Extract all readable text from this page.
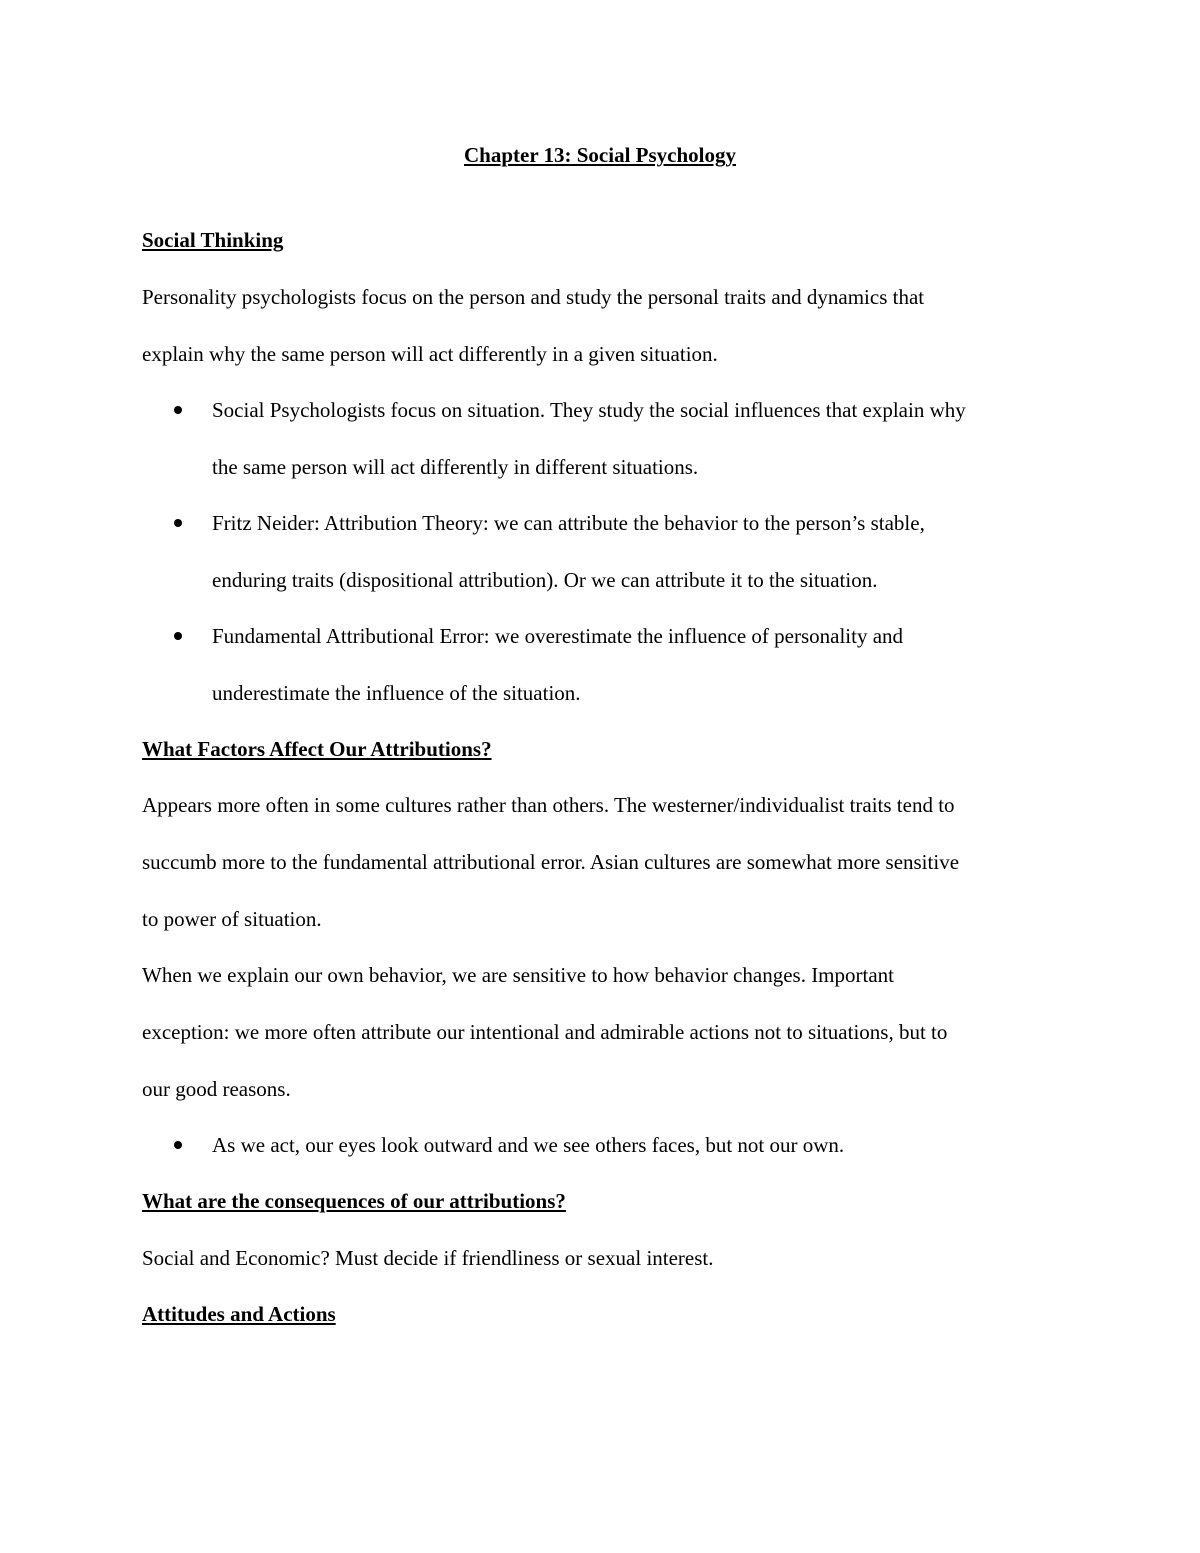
Chapter 13: Social Psychology

Social Thinking

Personality psychologists focus on the person and study the personal traits and dynamics that

explain why the same person will act differently in a given situation.

Social Psychologists focus on situation. They study the social influences that explain why

the same person will act differently in different situations.

Fritz Neider: Attribution Theory: we can attribute the behavior to the person’s stable,

enduring traits (dispositional attribution). Or we can attribute it to the situation.

Fundamental Attributional Error: we overestimate the influence of personality and

underestimate the influence of the situation.

What Factors Affect Our Attributions?

Appears more often in some cultures rather than others. The westerner/individualist traits tend to

succumb more to the fundamental attributional error. Asian cultures are somewhat more sensitive

to power of situation.

When we explain our own behavior, we are sensitive to how behavior changes. Important

exception: we more often attribute our intentional and admirable actions not to situations, but to

our good reasons.

As we act, our eyes look outward and we see others faces, but not our own.

What are the consequences of our attributions?

Social and Economic? Must decide if friendliness or sexual interest.

Attitudes and Actions
